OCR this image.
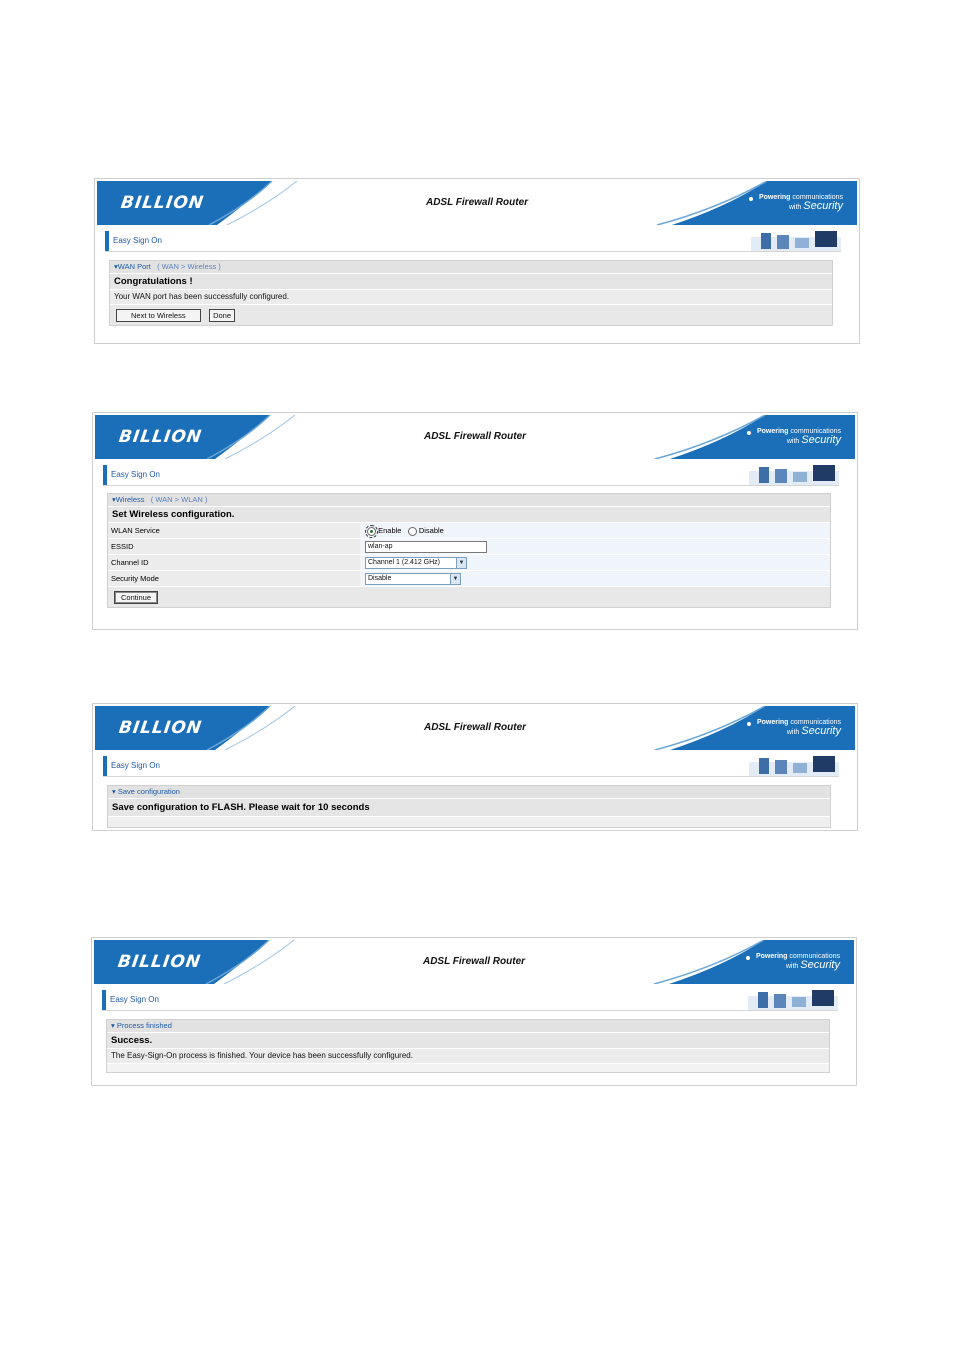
BILLION	ADSL Firewall Router	Powering communications
with Security
Easy Sign On
▾WAN Port ( WAN > Wireless )
Congratulations !
Your WAN port has been successfully configured.
Next to Wireless	Done
BILLION	ADSL Firewall Router	Powering communications
with Security
Easy Sign On
▾Wireless ( WAN > WLAN )
Set Wireless configuration.
WLAN Service	Enable Disable
ESSID	wlan-ap
Channel ID	Channel 1 (2.412 GHz)	▼
Security Mode	Disable	▼
Continue
BILLION	ADSL Firewall Router	Powering communications
with Security
Easy Sign On
▾ Save configuration
Save configuration to FLASH. Please wait for 10 seconds
BILLION	ADSL Firewall Router	Powering communications
with Security
Easy Sign On
▾ Process finished
Success.
The Easy-Sign-On process is finished. Your device has been successfully configured.
